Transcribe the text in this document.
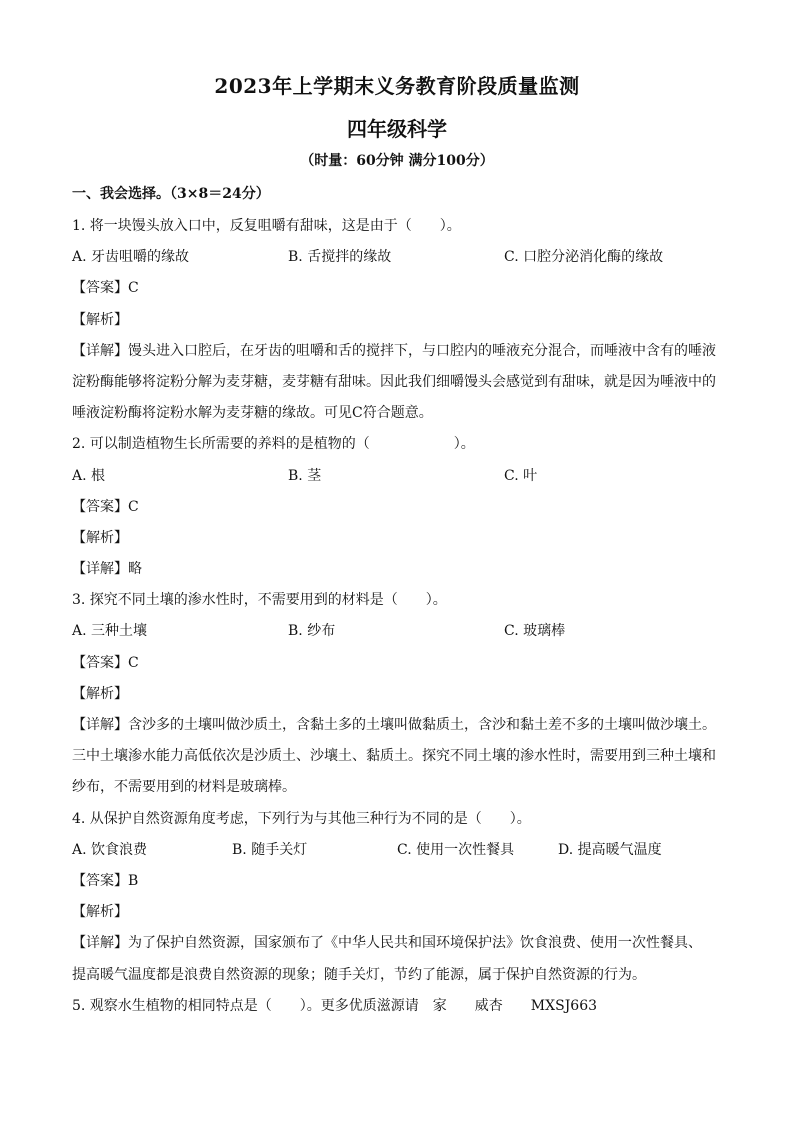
2023年上学期末义务教育阶段质量监测
四年级科学
（时量：60分钟 满分100分）
一、我会选择。（3×8＝24分）
1. 将一块馒头放入口中，反复咀嚼有甜味，这是由于（　　）。
A. 牙齿咀嚼的缘故	B. 舌搅拌的缘故	C. 口腔分泌消化酶的缘故
【答案】C
【解析】
【详解】馒头进入口腔后，在牙齿的咀嚼和舌的搅拌下，与口腔内的唾液充分混合，而唾液中含有的唾液
淀粉酶能够将淀粉分解为麦芽糖，麦芽糖有甜味。因此我们细嚼馒头会感觉到有甜味，就是因为唾液中的
唾液淀粉酶将淀粉水解为麦芽糖的缘故。可见C符合题意。
2. 可以制造植物生长所需要的养料的是植物的（　　　　　　）。
A. 根	B. 茎	C. 叶
【答案】C
【解析】
【详解】略
3. 探究不同土壤的渗水性时，不需要用到的材料是（　　）。
A. 三种土壤	B. 纱布	C. 玻璃棒
【答案】C
【解析】
【详解】含沙多的土壤叫做沙质土，含黏土多的土壤叫做黏质土，含沙和黏土差不多的土壤叫做沙壤土。
三中土壤渗水能力高低依次是沙质土、沙壤土、黏质土。探究不同土壤的渗水性时，需要用到三种土壤和
纱布，不需要用到的材料是玻璃棒。
4. 从保护自然资源角度考虑，下列行为与其他三种行为不同的是（　　）。
A. 饮食浪费	B. 随手关灯	C. 使用一次性餐具	D. 提高暖气温度
【答案】B
【解析】
【详解】为了保护自然资源，国家颁布了《中华人民共和国环境保护法》饮食浪费、使用一次性餐具、
提高暖气温度都是浪费自然资源的现象；随手关灯，节约了能源，属于保护自然资源的行为。
5. 观察水生植物的相同特点是（　　）。更多优质滋源请　家　　威杏　　MXSJ663
